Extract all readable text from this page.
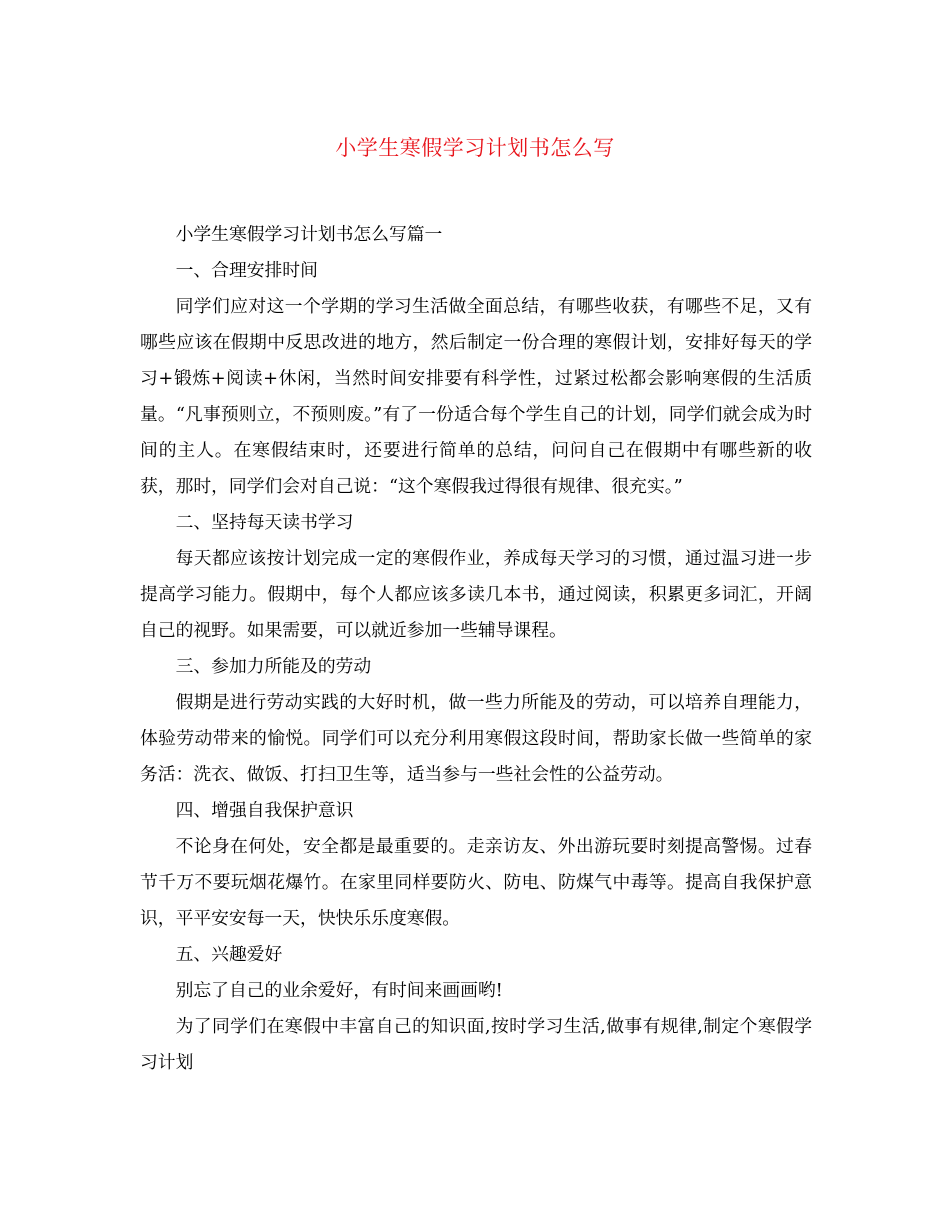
小学生寒假学习计划书怎么写

小学生寒假学习计划书怎么写篇一

一、合理安排时间

同学们应对这一个学期的学习生活做全面总结，有哪些收获，有哪些不足，又有哪些应该在假期中反思改进的地方，然后制定一份合理的寒假计划，安排好每天的学习+锻炼+阅读+休闲，当然时间安排要有科学性，过紧过松都会影响寒假的生活质量。“凡事预则立，不预则废。”有了一份适合每个学生自己的计划，同学们就会成为时间的主人。在寒假结束时，还要进行简单的总结，问问自己在假期中有哪些新的收获，那时，同学们会对自己说：“这个寒假我过得很有规律、很充实。”

二、坚持每天读书学习

每天都应该按计划完成一定的寒假作业，养成每天学习的习惯，通过温习进一步提高学习能力。假期中，每个人都应该多读几本书，通过阅读，积累更多词汇，开阔自己的视野。如果需要，可以就近参加一些辅导课程。

三、参加力所能及的劳动

假期是进行劳动实践的大好时机，做一些力所能及的劳动，可以培养自理能力，体验劳动带来的愉悦。同学们可以充分利用寒假这段时间，帮助家长做一些简单的家务活：洗衣、做饭、打扫卫生等，适当参与一些社会性的公益劳动。

四、增强自我保护意识

不论身在何处，安全都是最重要的。走亲访友、外出游玩要时刻提高警惕。过春节千万不要玩烟花爆竹。在家里同样要防火、防电、防煤气中毒等。提高自我保护意识，平平安安每一天，快快乐乐度寒假。

五、兴趣爱好

别忘了自己的业余爱好，有时间来画画哟!

为了同学们在寒假中丰富自己的知识面,按时学习生活,做事有规律,制定个寒假学习计划
